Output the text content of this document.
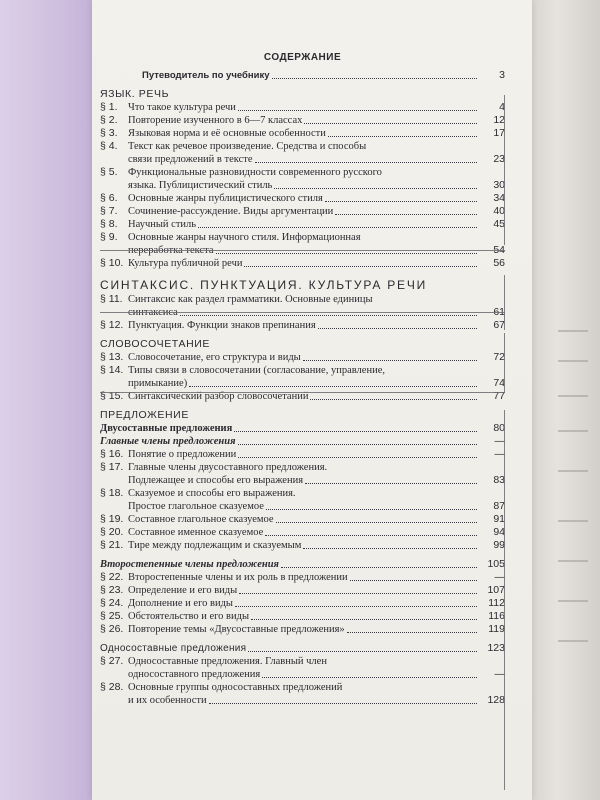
СОДЕРЖАНИЕ
Путеводитель по учебнику	3
ЯЗЫК. РЕЧЬ
§ 1. Что такое культура речи	4
§ 2. Повторение изученного в 6—7 классах	12
§ 3. Языковая норма и её основные особенности	17
§ 4. Текст как речевое произведение. Средства и способы
связи предложений в тексте	23
§ 5. Функциональные разновидности современного русского
языка. Публицистический стиль	30
§ 6. Основные жанры публицистического стиля	34
§ 7. Сочинение-рассуждение. Виды аргументации	40
§ 8. Научный стиль	45
§ 9. Основные жанры научного стиля. Информационная
переработка текста	54
§ 10. Культура публичной речи	56
СИНТАКСИС. ПУНКТУАЦИЯ. КУЛЬТУРА РЕЧИ
§ 11. Синтаксис как раздел грамматики. Основные единицы
синтаксиса	61
§ 12. Пунктуация. Функции знаков препинания	67
СЛОВОСОЧЕТАНИЕ
§ 13. Словосочетание, его структура и виды	72
§ 14. Типы связи в словосочетании (согласование, управление,
примыкание)	74
§ 15. Синтаксический разбор словосочетаний	77
ПРЕДЛОЖЕНИЕ
Двусоставные предложения	80
Главные члены предложения	—
§ 16. Понятие о предложении	—
§ 17. Главные члены двусоставного предложения.
Подлежащее и способы его выражения	83
§ 18. Сказуемое и способы его выражения.
Простое глагольное сказуемое	87
§ 19. Составное глагольное сказуемое	91
§ 20. Составное именное сказуемое	94
§ 21. Тире между подлежащим и сказуемым	99
Второстепенные члены предложения	105
§ 22. Второстепенные члены и их роль в предложении	—
§ 23. Определение и его виды	107
§ 24. Дополнение и его виды	112
§ 25. Обстоятельство и его виды	116
§ 26. Повторение темы «Двусоставные предложения»	119
Односоставные предложения	123
§ 27. Односоставные предложения. Главный член
односоставного предложения	—
§ 28. Основные группы односоставных предложений
и их особенности	128
